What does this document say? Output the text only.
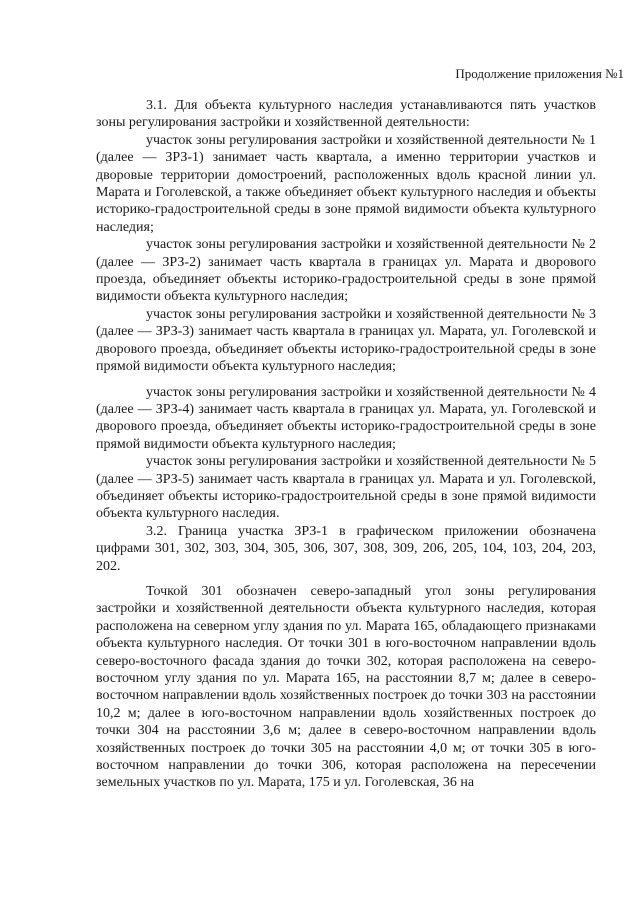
Продолжение приложения №1

3.1. Для объекта культурного наследия устанавливаются пять участков зоны регулирования застройки и хозяйственной деятельности:

участок зоны регулирования застройки и хозяйственной деятельности № 1 (далее — ЗРЗ-1) занимает часть квартала, а именно территории участков и дворовые территории домостроений, расположенных вдоль красной линии ул. Марата и Гоголевской, а также объединяет объект культурного наследия и объекты историко-градостроительной среды в зоне прямой видимости объекта культурного наследия;

участок зоны регулирования застройки и хозяйственной деятельности № 2 (далее — ЗРЗ-2) занимает часть квартала в границах ул. Марата и дворового проезда, объединяет объекты историко-градостроительной среды в зоне прямой видимости объекта культурного наследия;

участок зоны регулирования застройки и хозяйственной деятельности № 3 (далее — ЗРЗ-3) занимает часть квартала в границах ул. Марата, ул. Гоголевской и дворового проезда, объединяет объекты историко-градостроительной среды в зоне прямой видимости объекта культурного наследия;

участок зоны регулирования застройки и хозяйственной деятельности № 4 (далее — ЗРЗ-4) занимает часть квартала в границах ул. Марата, ул. Гоголевской и дворового проезда, объединяет объекты историко-градостроительной среды в зоне прямой видимости объекта культурного наследия;

участок зоны регулирования застройки и хозяйственной деятельности № 5 (далее — ЗРЗ-5) занимает часть квартала в границах ул. Марата и ул. Гоголевской, объединяет объекты историко-градостроительной среды в зоне прямой видимости объекта культурного наследия.

3.2. Граница участка ЗРЗ-1 в графическом приложении обозначена цифрами 301, 302, 303, 304, 305, 306, 307, 308, 309, 206, 205, 104, 103, 204, 203, 202.

Точкой 301 обозначен северо-западный угол зоны регулирования застройки и хозяйственной деятельности объекта культурного наследия, которая расположена на северном углу здания по ул. Марата 165, обладающего признаками объекта культурного наследия. От точки 301 в юго-восточном направлении вдоль северо-восточного фасада здания до точки 302, которая расположена на северо-восточном углу здания по ул. Марата 165, на расстоянии 8,7 м; далее в северо-восточном направлении вдоль хозяйственных построек до точки 303 на расстоянии 10,2 м; далее в юго-восточном направлении вдоль хозяйственных построек до точки 304 на расстоянии 3,6 м; далее в северо-восточном направлении вдоль хозяйственных построек до точки 305 на расстоянии 4,0 м; от точки 305 в юго-восточном направлении до точки 306, которая расположена на пересечении земельных участков по ул. Марата, 175 и ул. Гоголевская, 36 на
